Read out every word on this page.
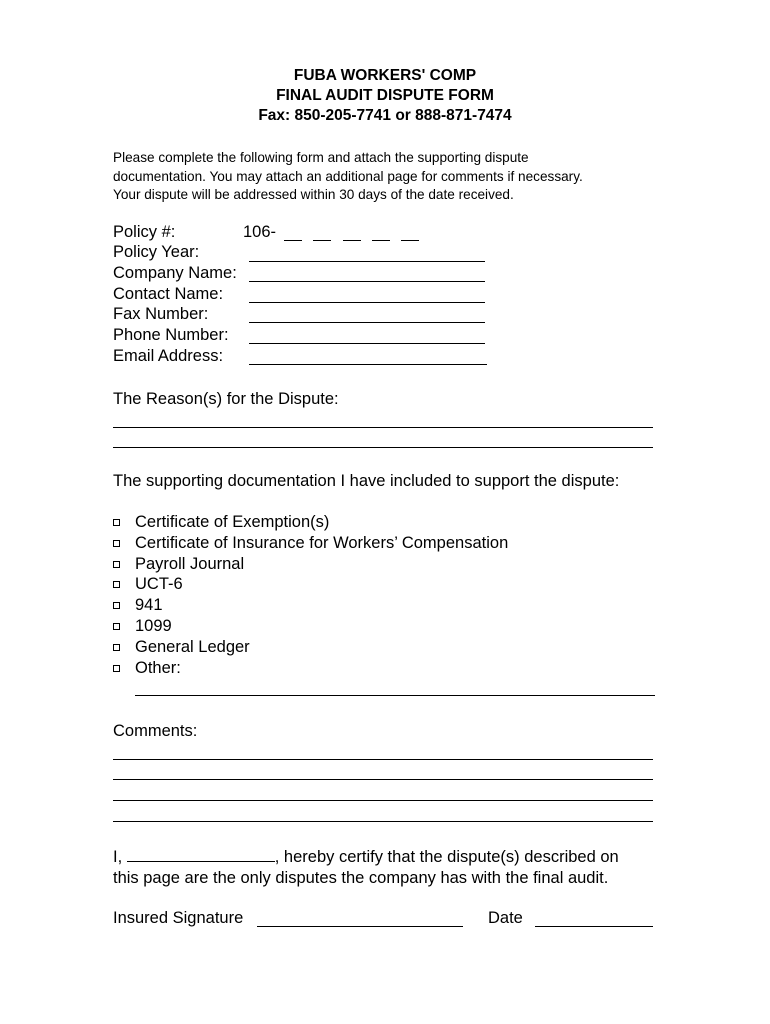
FUBA WORKERS' COMP
FINAL AUDIT DISPUTE FORM
Fax: 850-205-7741 or 888-871-7474
Please complete the following form and attach the supporting dispute
documentation. You may attach an additional page for comments if necessary.
Your dispute will be addressed within 30 days of the date received.
Policy #:	106-
Policy Year:
Company Name:
Contact Name:
Fax Number:
Phone Number:
Email Address:
The Reason(s) for the Dispute:
The supporting documentation I have included to support the dispute:
Certificate of Exemption(s)
Certificate of Insurance for Workers’ Compensation
Payroll Journal
UCT-6
941
1099
General Ledger
Other:
Comments:
I,	, hereby certify that the dispute(s) described on
this page are the only disputes the company has with the final audit.
Insured Signature	Date
